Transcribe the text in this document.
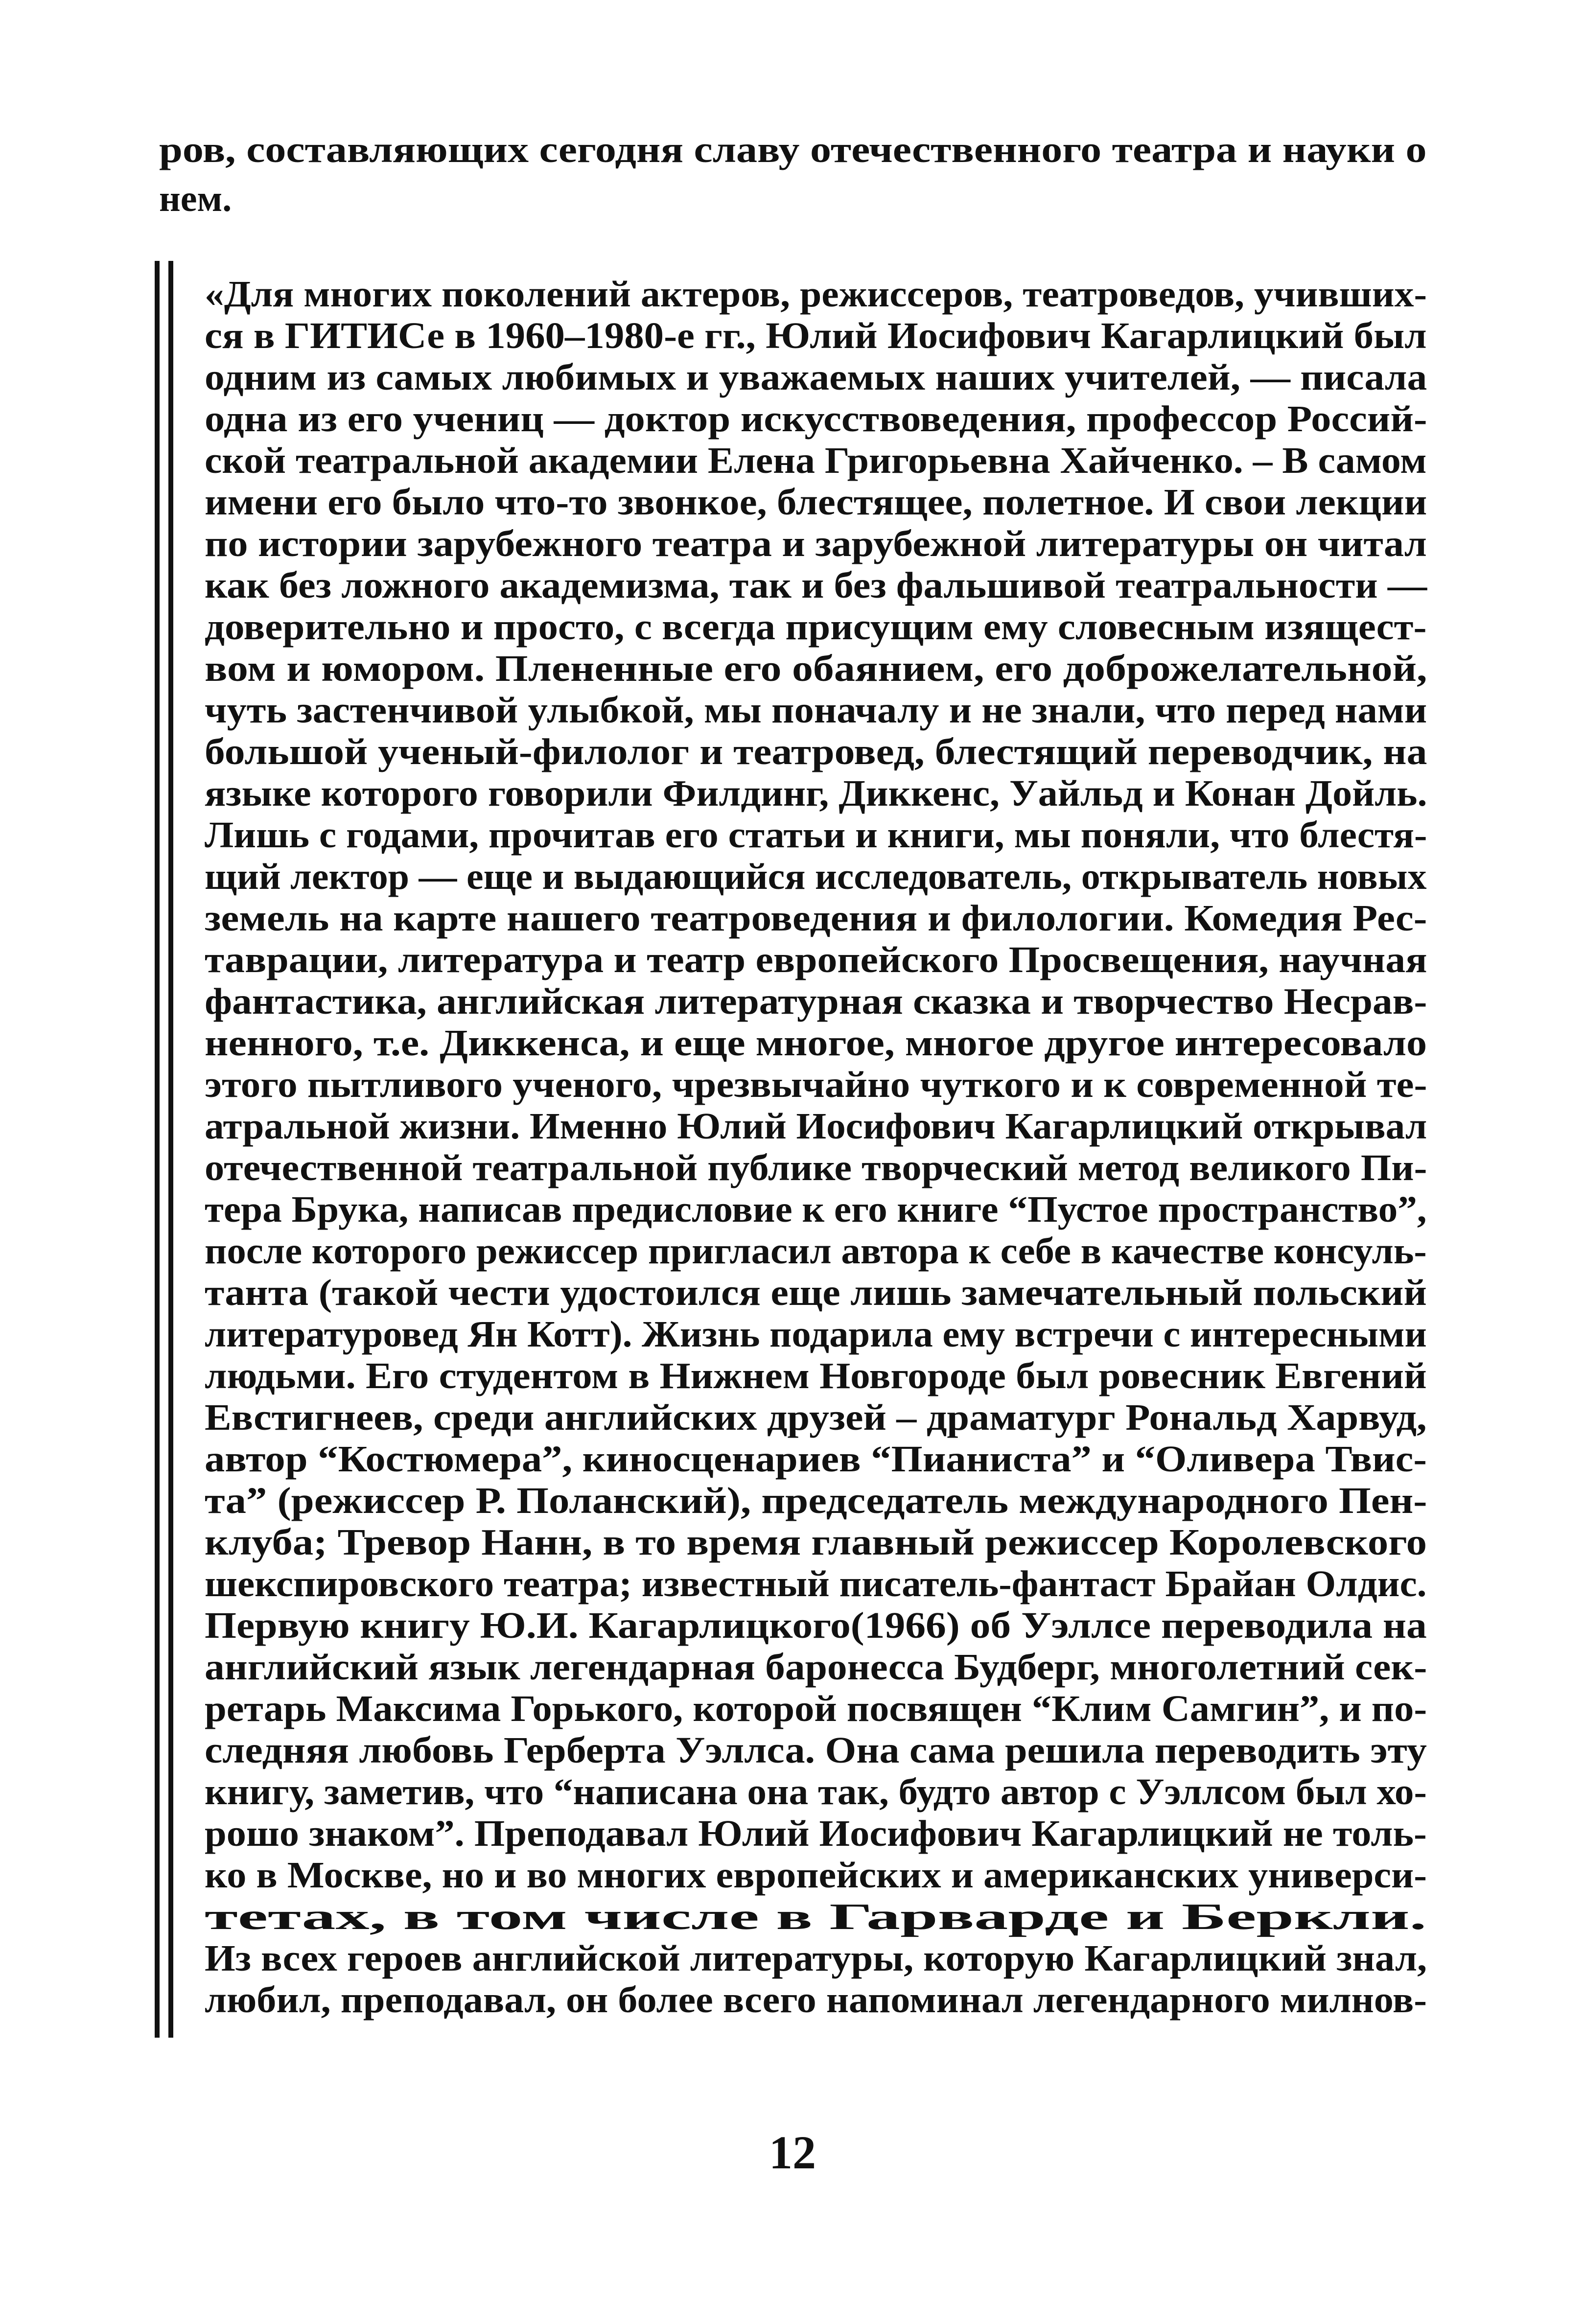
ров, составляющих сегодня славу отечественного театра и науки о

нем.

«Для многих поколений актеров, режиссеров, театроведов, учивших-

ся в ГИТИСе в 1960–1980-е гг., Юлий Иосифович Кагарлицкий был

одним из самых любимых и уважаемых наших учителей, — писала

одна из его учениц — доктор искусствоведения, профессор Россий-

ской театральной академии Елена Григорьевна Хайченко. – В самом

имени его было что-то звонкое, блестящее, полетное. И свои лекции

по истории зарубежного театра и зарубежной литературы он читал

как без ложного академизма, так и без фальшивой театральности —

доверительно и просто, с всегда присущим ему словесным изящест-

вом и юмором. Плененные его обаянием, его доброжелательной,

чуть застенчивой улыбкой, мы поначалу и не знали, что перед нами

большой ученый-филолог и театровед, блестящий переводчик, на

языке которого говорили Филдинг, Диккенс, Уайльд и Конан Дойль.

Лишь с годами, прочитав его статьи и книги, мы поняли, что блестя-

щий лектор — еще и выдающийся исследователь, открыватель новых

земель на карте нашего театроведения и филологии. Комедия Рес-

таврации, литература и театр европейского Просвещения, научная

фантастика, английская литературная сказка и творчество Несрав-

ненного, т.е. Диккенса, и еще многое, многое другое интересовало

этого пытливого ученого, чрезвычайно чуткого и к современной те-

атральной жизни. Именно Юлий Иосифович Кагарлицкий открывал

отечественной театральной публике творческий метод великого Пи-

тера Брука, написав предисловие к его книге “Пустое пространство”,

после которого режиссер пригласил автора к себе в качестве консуль-

танта (такой чести удостоился еще лишь замечательный польский

литературовед Ян Котт). Жизнь подарила ему встречи с интересными

людьми. Его студентом в Нижнем Новгороде был ровесник Евгений

Евстигнеев, среди английских друзей – драматург Рональд Харвуд,

автор “Костюмера”, киносценариев “Пианиста” и “Оливера Твис-

та” (режиссер Р. Поланский), председатель международного Пен-

клуба; Тревор Нанн, в то время главный режиссер Королевского

шекспировского театра; известный писатель-фантаст Брайан Олдис.

Первую книгу Ю.И. Кагарлицкого(1966) об Уэллсе переводила на

английский язык легендарная баронесса Будберг, многолетний сек-

ретарь Максима Горького, которой посвящен “Клим Самгин”, и по-

следняя любовь Герберта Уэллса. Она сама решила переводить эту

книгу, заметив, что “написана она так, будто автор с Уэллсом был хо-

рошо знаком”. Преподавал Юлий Иосифович Кагарлицкий не толь-

ко в Москве, но и во многих европейских и американских универси-

тетах, в том числе в Гарварде и Беркли.

Из всех героев английской литературы, которую Кагарлицкий знал,

любил, преподавал, он более всего напоминал легендарного милнов-

12
